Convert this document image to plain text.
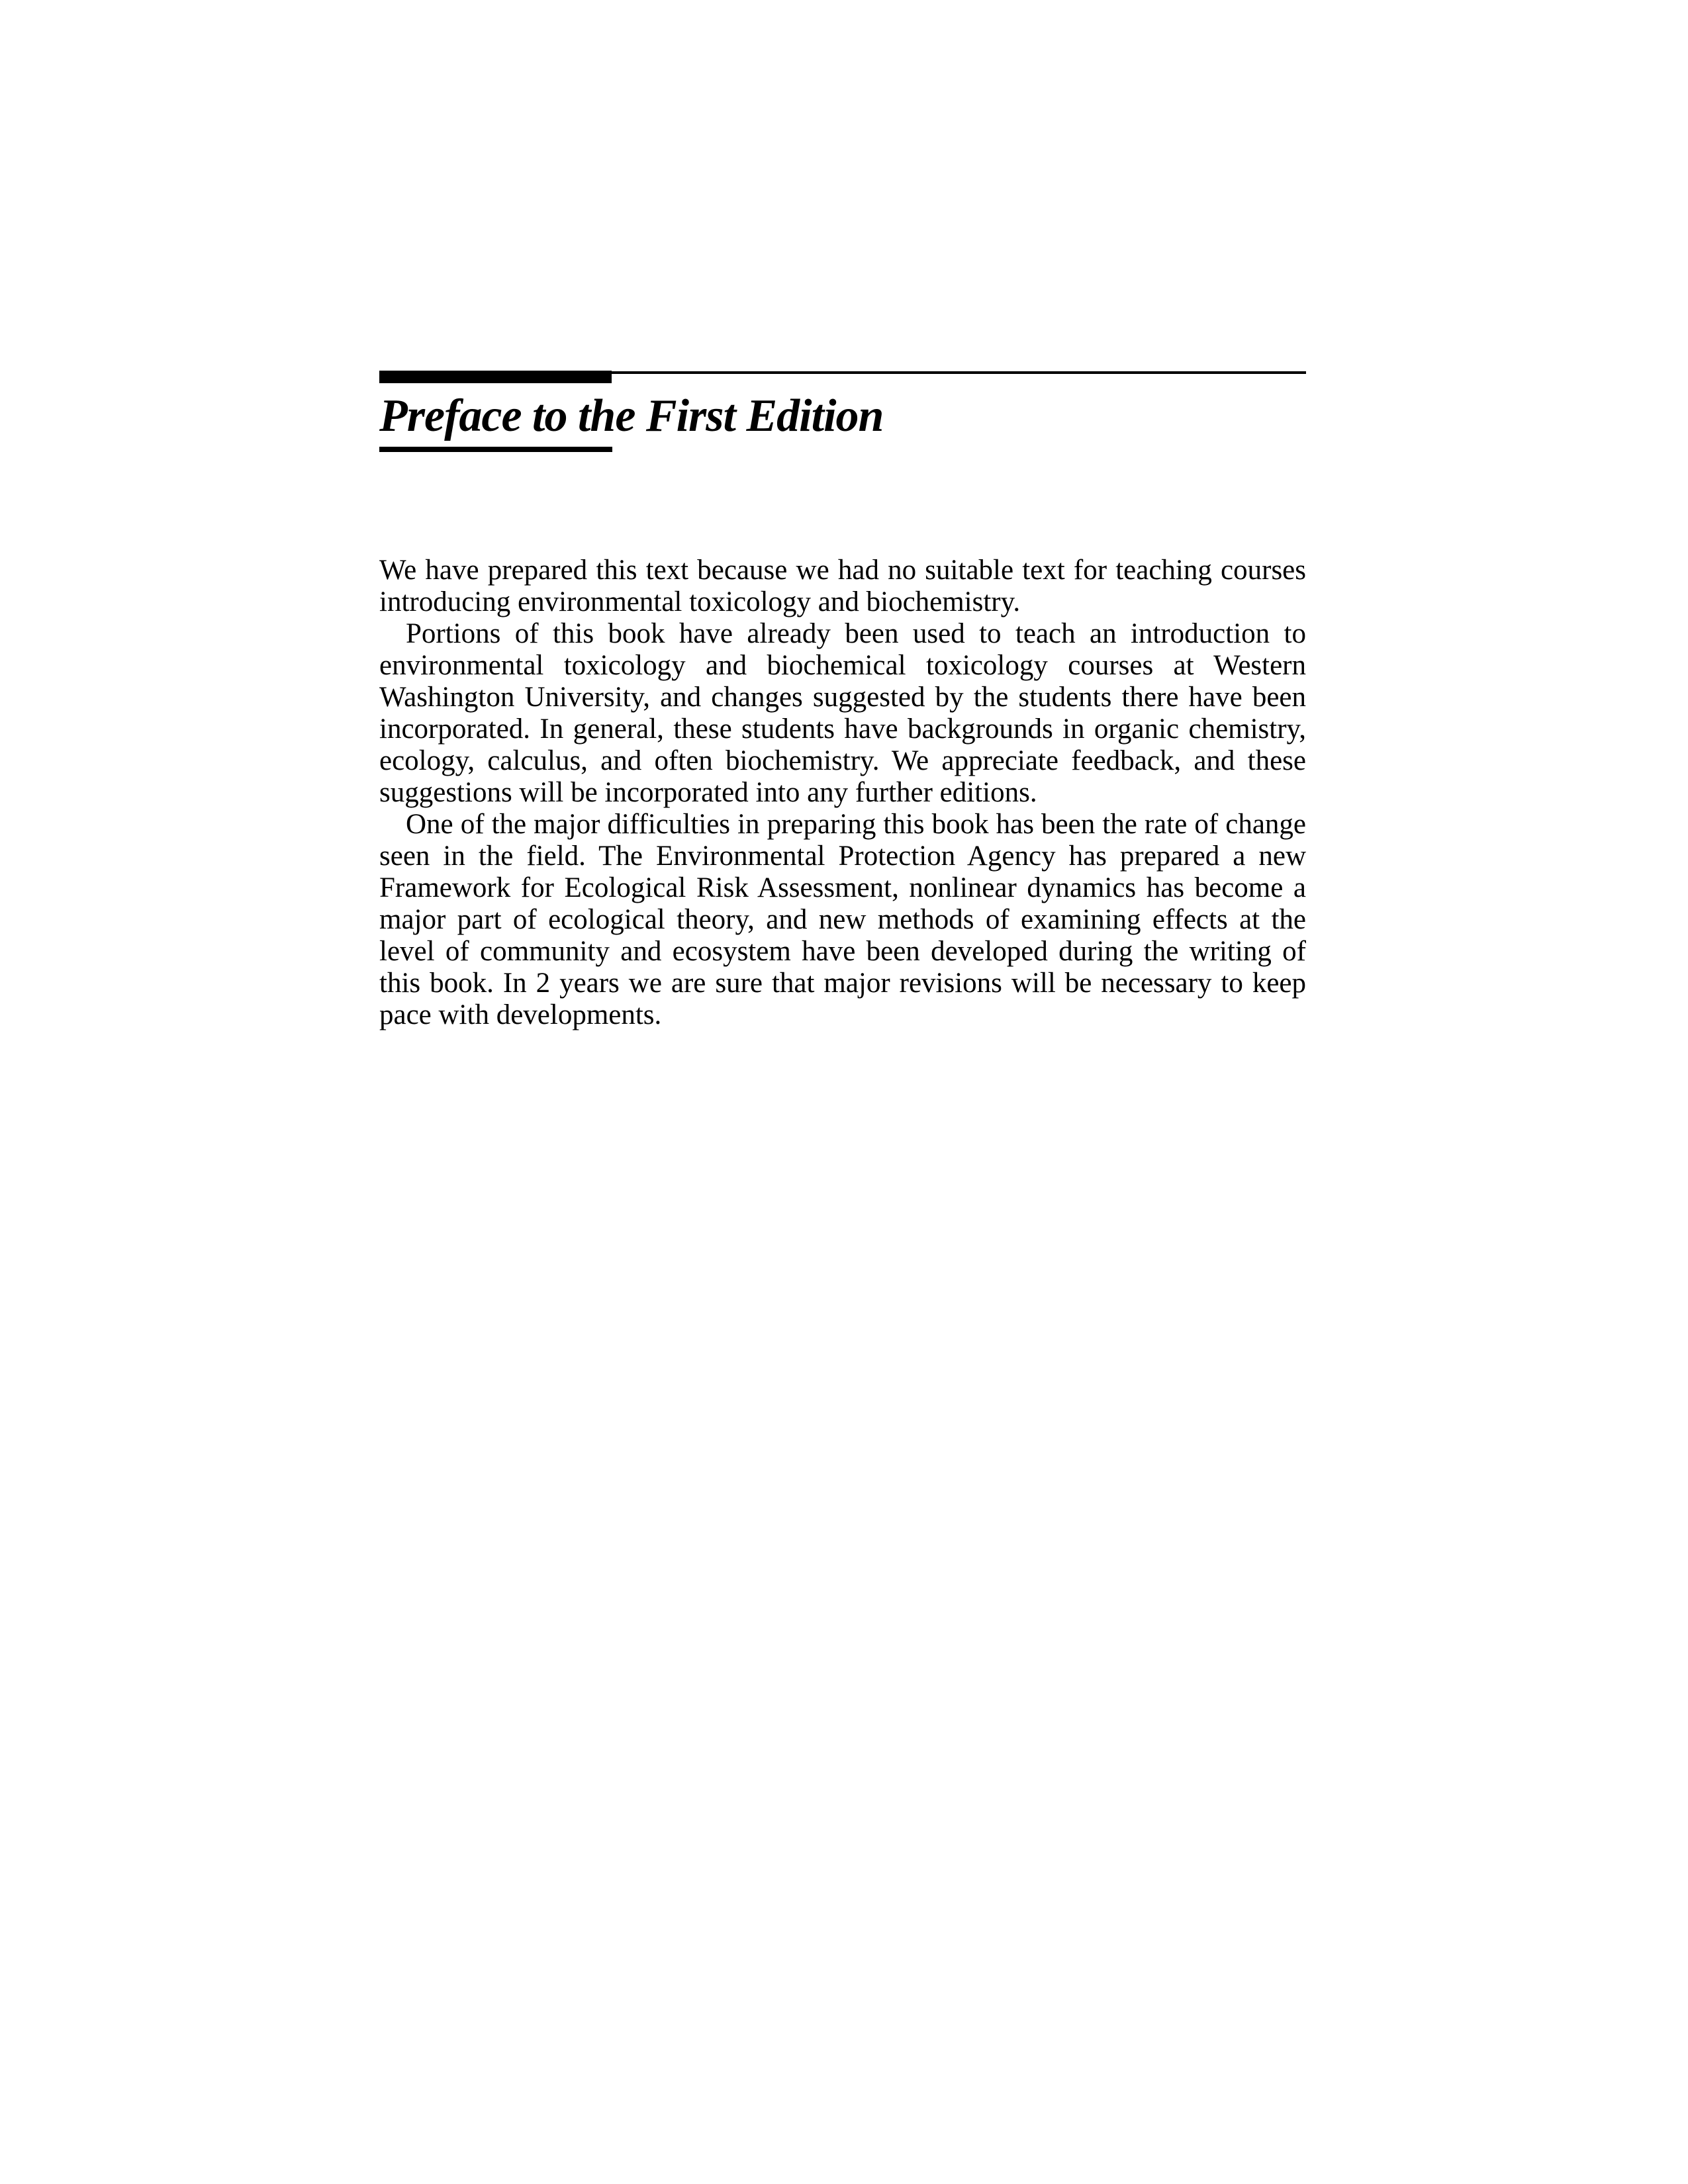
Preface to the First Edition

We have prepared this text because we had no suitable text for teaching courses introducing environmental toxicology and biochemistry.

Portions of this book have already been used to teach an introduction to environmental toxicology and biochemical toxicology courses at Western Washington University, and changes suggested by the students there have been incorporated. In general, these students have backgrounds in organic chemistry, ecology, calculus, and often biochemistry. We appreciate feedback, and these suggestions will be incorporated into any further editions.

One of the major difficulties in preparing this book has been the rate of change seen in the field. The Environmental Protection Agency has prepared a new Framework for Ecological Risk Assessment, nonlinear dynamics has become a major part of ecological theory, and new methods of examining effects at the level of community and ecosystem have been developed during the writing of this book. In 2 years we are sure that major revisions will be necessary to keep pace with developments.
